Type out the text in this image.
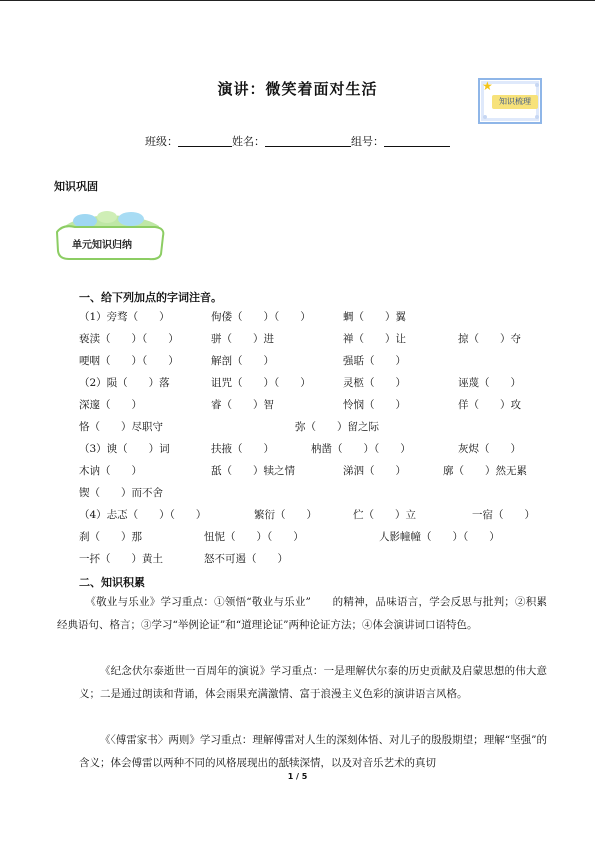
演讲：微笑着面对生活	★
知识梳理
班级：	姓名：	组号：
知识巩固
单元知识归纳
一、给下列加点的字词注音。
（1）旁骛（　　）	佝偻（　　）（　　）	蜩（　　）翼
亵渎（　　）（　　）	骈（　　）进	禅（　　）让	掠（　　）夺
哽咽（　　）（　　）	解剖（　　）	强聒（　　）
（2）陨（　　）落	诅咒（　　）（　　）	灵柩（　　）	诬蔑（　　）
深邃（　　）	睿（　　）智	怜悯（　　）	佯（　　）攻
恪（　　）尽职守	弥（　　）留之际
（3）谀（　　）词	扶掖（　　）	枘凿（　　）（　　）	灰烬（　　）
木讷（　　）	舐（　　）犊之情	涕泗（　　）	廓（　　）然无累
锲（　　）而不舍
（4）忐忑（　　）（　　）	繁衍（　　）	伫（　　）立	一宿（　　）
刹（　　）那	忸怩（　　）（　　）	人影幢幢（　　）（　　）
一抔（　　）黄土	怒不可遏（　　）
二、知识积累

《敬业与乐业》学习重点：①领悟“敬业与乐业”　　的精神，品味语言，学会反思与批判；②积累经典语句、格言；③学习“举例论证”和“道理论证”两种论证方法；④体会演讲词口语特色。

《纪念伏尔泰逝世一百周年的演说》学习重点：一是理解伏尔泰的历史贡献及启蒙思想的伟大意义；二是通过朗读和背诵，体会雨果充满激情、富于浪漫主义色彩的演讲语言风格。

《〈傅雷家书〉两则》学习重点：理解傅雷对人生的深刻体悟、对儿子的殷殷期望；理解“坚强”的含义；体会傅雷以两种不同的风格展现出的舐犊深情，以及对音乐艺术的真切

1 / 5
